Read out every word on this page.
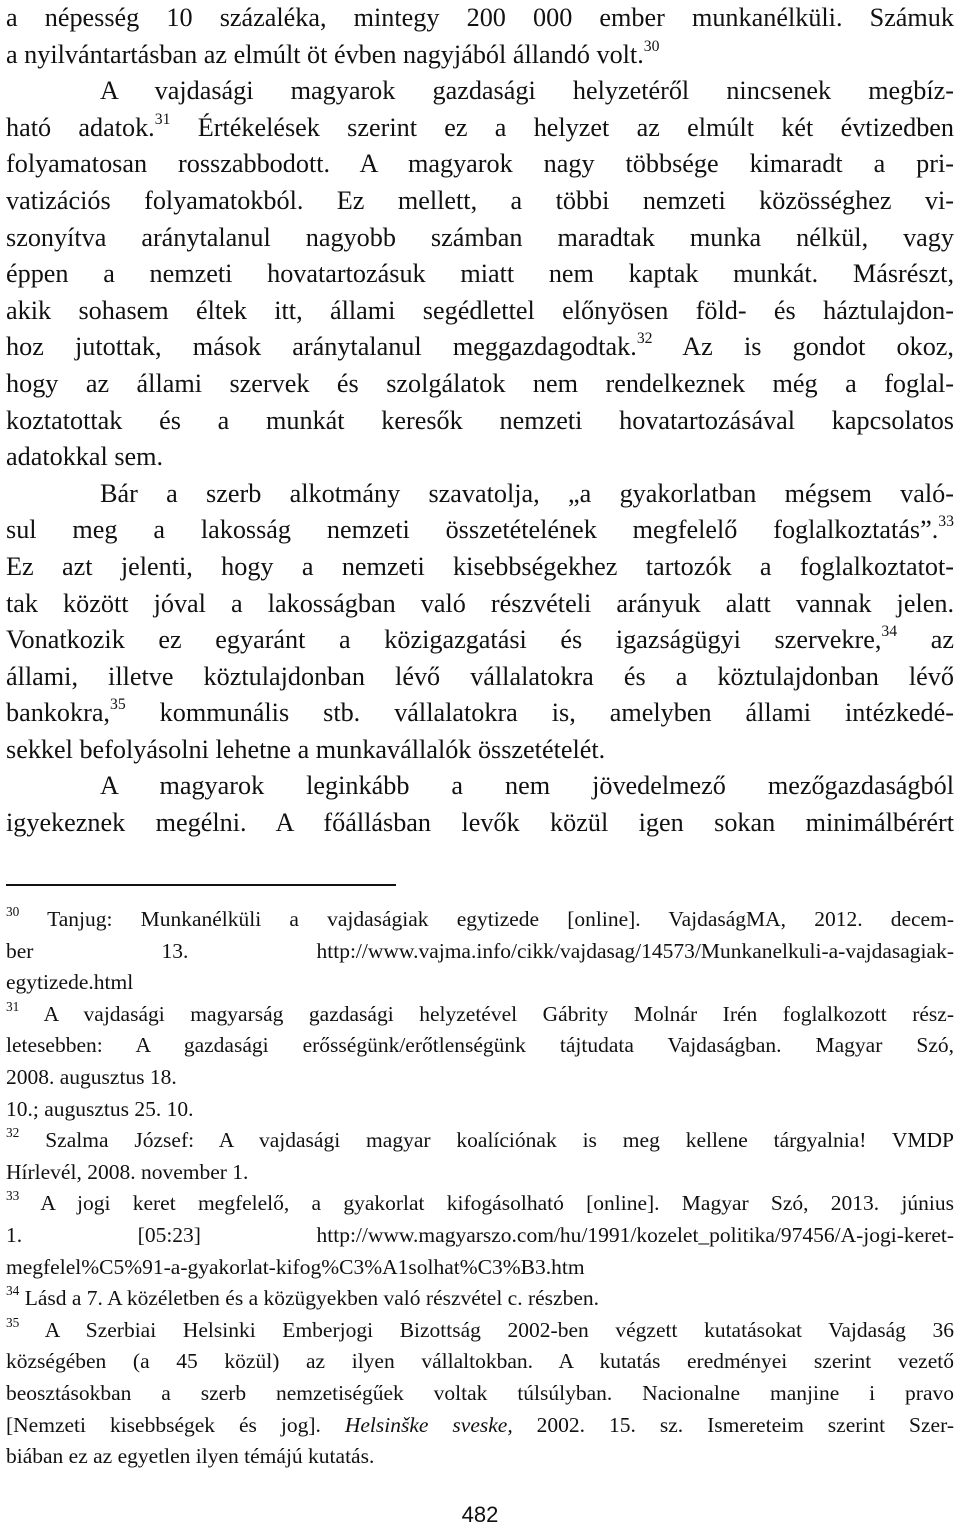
a népesség 10 százaléka, mintegy 200 000 ember munkanélküli. Számuk

a nyilvántartásban az elmúlt öt évben nagyjából állandó volt.$^{30}$

A vajdasági magyarok gazdasági helyzetéről nincsenek megbíz-

ható adatok.$^{31}$ Értékelések szerint ez a helyzet az elmúlt két évtizedben

folyamatosan rosszabbodott. A magyarok nagy többsége kimaradt a pri-

vatizációs folyamatokból. Ez mellett, a többi nemzeti közösséghez vi-

szonyítva aránytalanul nagyobb számban maradtak munka nélkül, vagy

éppen a nemzeti hovatartozásuk miatt nem kaptak munkát. Másrészt,

akik sohasem éltek itt, állami segédlettel előnyösen föld- és háztulajdon-

hoz jutottak, mások aránytalanul meggazdagodtak.$^{32}$ Az is gondot okoz,

hogy az állami szervek és szolgálatok nem rendelkeznek még a foglal-

koztatottak és a munkát keresők nemzeti hovatartozásával kapcsolatos

adatokkal sem.

Bár a szerb alkotmány szavatolja, „a gyakorlatban mégsem való-

sul meg a lakosság nemzeti összetételének megfelelő foglalkoztatás”.$^{33}$

Ez azt jelenti, hogy a nemzeti kisebbségekhez tartozók a foglalkoztatot-

tak között jóval a lakosságban való részvételi arányuk alatt vannak jelen.

Vonatkozik ez egyaránt a közigazgatási és igazságügyi szervekre,$^{34}$ az

állami, illetve köztulajdonban lévő vállalatokra és a köztulajdonban lévő

bankokra,$^{35}$ kommunális stb. vállalatokra is, amelyben állami intézkedé-

sekkel befolyásolni lehetne a munkavállalók összetételét.

A magyarok leginkább a nem jövedelmező mezőgazdaságból

igyekeznek megélni. A főállásban levők közül igen sokan minimálbérért

$^{30}$ Tanjug: Munkanélküli a vajdaságiak egytizede [online]. VajdaságMA, 2012. decem-

ber 13. http://www.vajma.info/cikk/vajdasag/14573/Munkanelkuli-a-vajdasagiak-

egytizede.html

$^{31}$ A vajdasági magyarság gazdasági helyzetével Gábrity Molnár Irén foglalkozott rész-

letesebben: A gazdasági erősségünk/erőtlenségünk tájtudata Vajdaságban. Magyar Szó,

2008. augusztus 18.

10.; augusztus 25. 10.

$^{32}$ Szalma József: A vajdasági magyar koalíciónak is meg kellene tárgyalnia! VMDP

Hírlevél, 2008. november 1.

$^{33}$ A jogi keret megfelelő, a gyakorlat kifogásolható [online]. Magyar Szó, 2013. június

1. [05:23] http://www.magyarszo.com/hu/1991/kozelet_politika/97456/A-jogi-keret-

megfelel%C5%91-a-gyakorlat-kifog%C3%A1solhat%C3%B3.htm

$^{34}$ Lásd a 7. A közéletben és a közügyekben való részvétel c. részben.

$^{35}$ A Szerbiai Helsinki Emberjogi Bizottság 2002-ben végzett kutatásokat Vajdaság 36

községében (a 45 közül) az ilyen vállaltokban. A kutatás eredményei szerint vezető

beosztásokban a szerb nemzetiségűek voltak túlsúlyban. Nacionalne manjine i pravo

[Nemzeti kisebbségek és jog]. Helsinške sveske, 2002. 15. sz. Ismereteim szerint Szer-

biában ez az egyetlen ilyen témájú kutatás.

482
